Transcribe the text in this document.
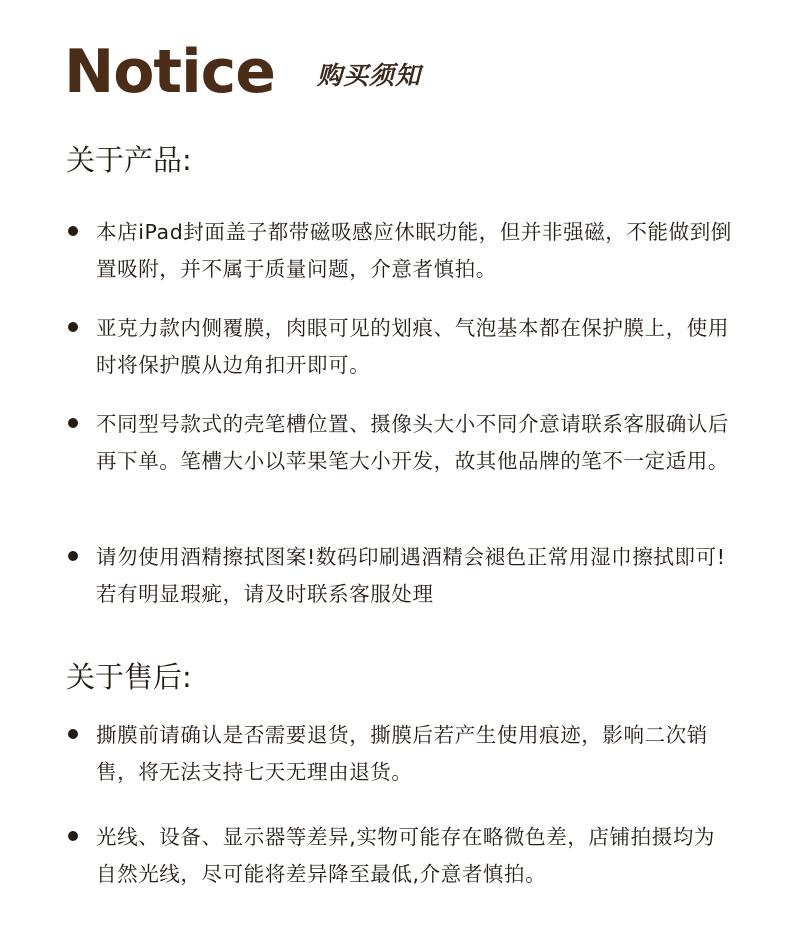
Notice 购买须知
关于产品:
本店iPad封面盖子都带磁吸感应休眠功能，但并非强磁，不能做到倒置吸附，并不属于质量问题，介意者慎拍。
亚克力款内侧覆膜，肉眼可见的划痕、气泡基本都在保护膜上，使用时将保护膜从边角扣开即可。
不同型号款式的壳笔槽位置、摄像头大小不同介意请联系客服确认后再下单。笔槽大小以苹果笔大小开发，故其他品牌的笔不一定适用。
请勿使用酒精擦拭图案!数码印刷遇酒精会褪色正常用湿巾擦拭即可!若有明显瑕疵，请及时联系客服处理
关于售后:
撕膜前请确认是否需要退货，撕膜后若产生使用痕迹，影响二次销售，将无法支持七天无理由退货。
光线、设备、显示器等差异,实物可能存在略微色差，店铺拍摄均为自然光线，尽可能将差异降至最低,介意者慎拍。
